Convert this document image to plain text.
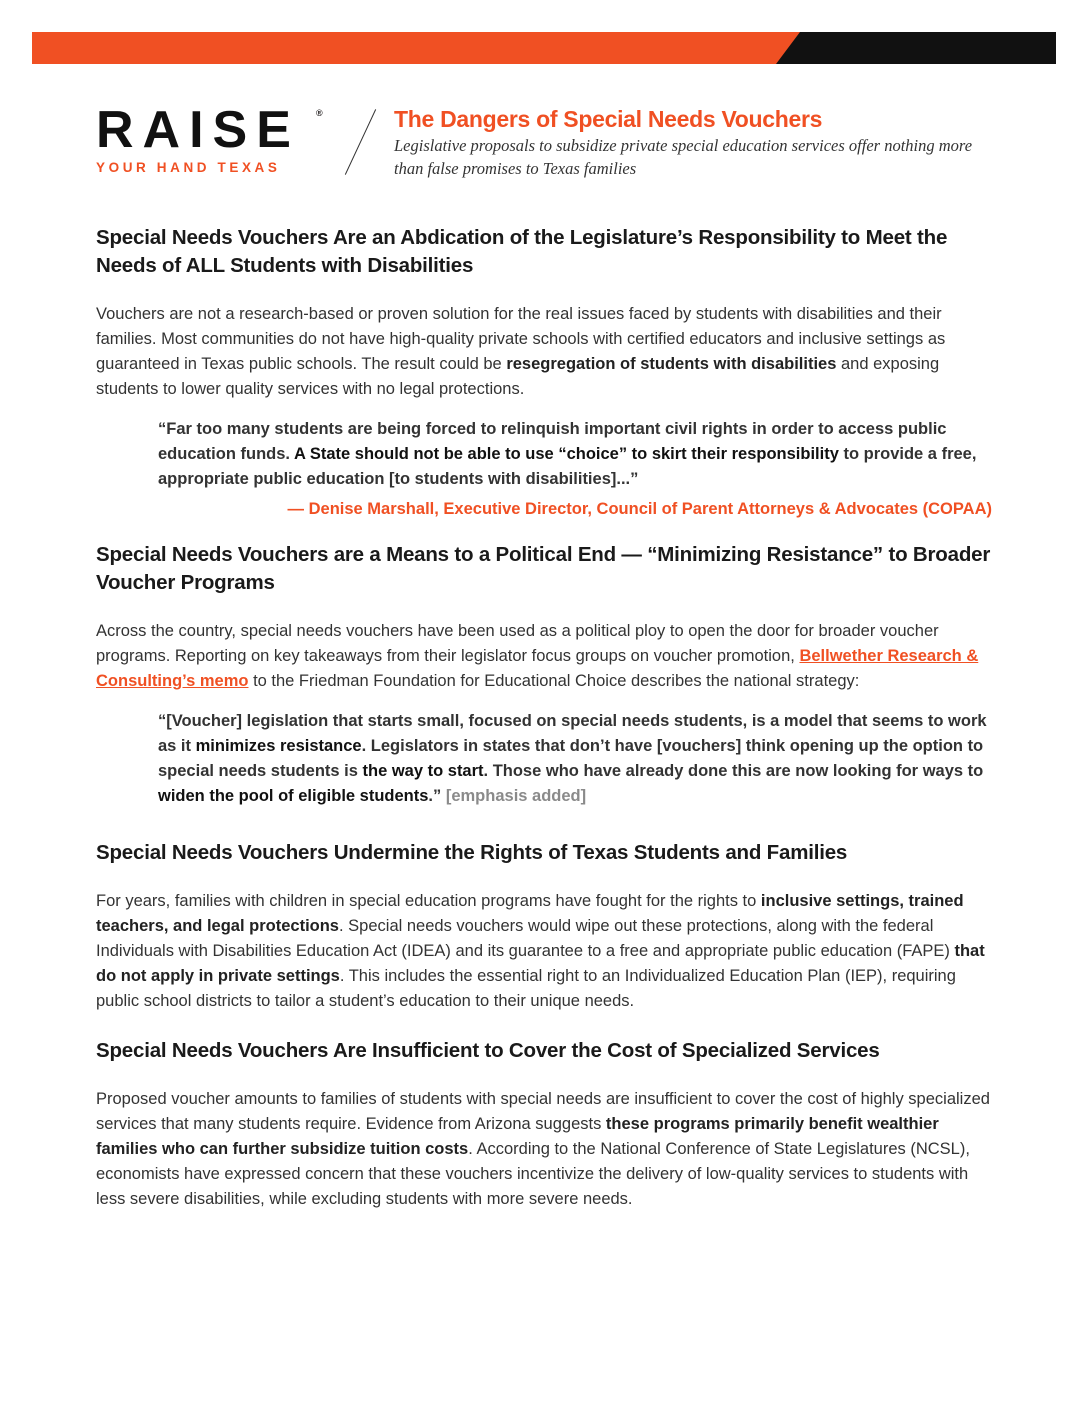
RAISE	®
YOUR HAND TEXAS
The Dangers of Special Needs Vouchers
Legislative proposals to subsidize private special education services offer nothing more than false promises to Texas families
Special Needs Vouchers Are an Abdication of the Legislature’s Responsibility to Meet the Needs of ALL Students with Disabilities

Vouchers are not a research-based or proven solution for the real issues faced by students with disabilities and their families. Most communities do not have high-quality private schools with certified educators and inclusive settings as guaranteed in Texas public schools. The result could be resegregation of students with disabilities and exposing students to lower quality services with no legal protections.

“Far too many students are being forced to relinquish important civil rights in order to access public education funds. A State should not be able to use “choice” to skirt their responsibility to provide a free, appropriate public education [to students with disabilities]...”

— Denise Marshall, Executive Director, Council of Parent Attorneys & Advocates (COPAA)

Special Needs Vouchers are a Means to a Political End — “Minimizing Resistance” to Broader Voucher Programs

Across the country, special needs vouchers have been used as a political ploy to open the door for broader voucher programs. Reporting on key takeaways from their legislator focus groups on voucher promotion, Bellwether Research & Consulting’s memo to the Friedman Foundation for Educational Choice describes the national strategy:

“[Voucher] legislation that starts small, focused on special needs students, is a model that seems to work as it minimizes resistance. Legislators in states that don’t have [vouchers] think opening up the option to special needs students is the way to start. Those who have already done this are now looking for ways to widen the pool of eligible students.” [emphasis added]

Special Needs Vouchers Undermine the Rights of Texas Students and Families

For years, families with children in special education programs have fought for the rights to inclusive settings, trained teachers, and legal protections. Special needs vouchers would wipe out these protections, along with the federal Individuals with Disabilities Education Act (IDEA) and its guarantee to a free and appropriate public education (FAPE) that do not apply in private settings. This includes the essential right to an Individualized Education Plan (IEP), requiring public school districts to tailor a student’s education to their unique needs.

Special Needs Vouchers Are Insufficient to Cover the Cost of Specialized Services

Proposed voucher amounts to families of students with special needs are insufficient to cover the cost of highly specialized services that many students require. Evidence from Arizona suggests these programs primarily benefit wealthier families who can further subsidize tuition costs. According to the National Conference of State Legislatures (NCSL), economists have expressed concern that these vouchers incentivize the delivery of low-quality services to students with less severe disabilities, while excluding students with more severe needs.
